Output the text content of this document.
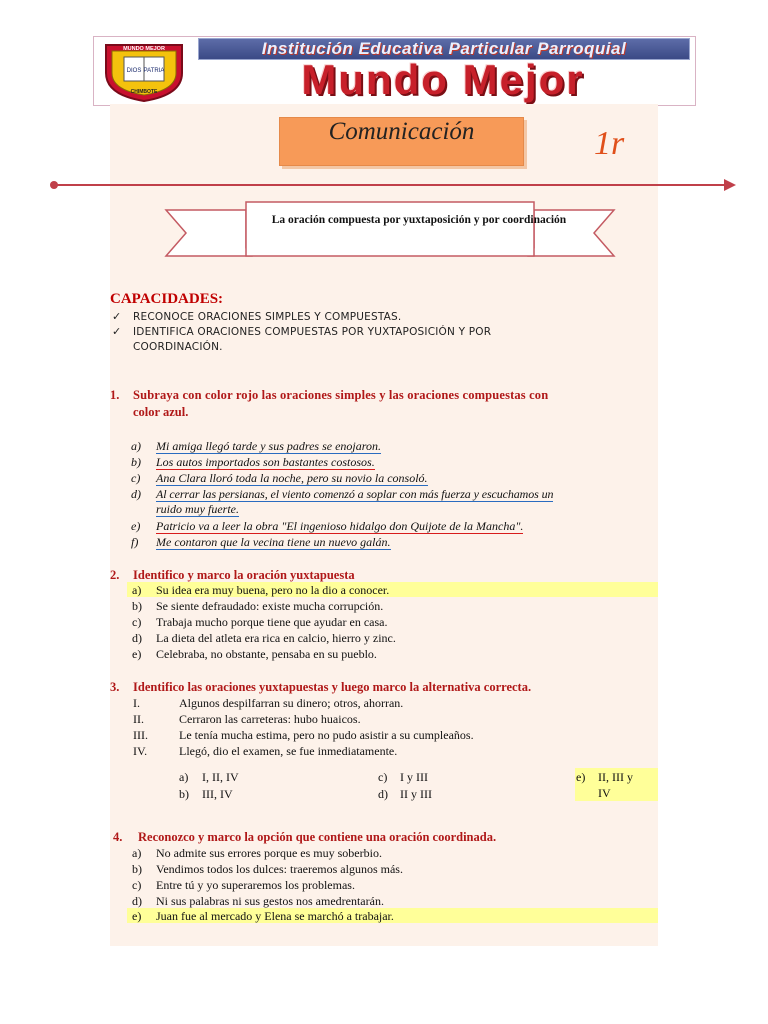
DIOS PATRIA
MUNDO MEJOR
CHIMBOTE
Institución Educativa Particular Parroquial
Mundo Mejor
Comunicación	1r
La oración compuesta por yuxtaposición y por coordinación
CAPACIDADES:
✓ RECONOCE ORACIONES SIMPLES Y COMPUESTAS.
✓ IDENTIFICA ORACIONES COMPUESTAS POR YUXTAPOSICIÓN Y POR
COORDINACIÓN.
1. Subraya con color rojo las oraciones simples y las oraciones compuestas con
color azul.
a) Mi amiga llegó tarde y sus padres se enojaron.
b) Los autos importados son bastantes costosos.
c) Ana Clara lloró toda la noche, pero su novio la consoló.
d) Al cerrar las persianas, el viento comenzó a soplar con más fuerza y escuchamos un
ruido muy fuerte.
e) Patricio va a leer la obra "El ingenioso hidalgo don Quijote de la Mancha".
f) Me contaron que la vecina tiene un nuevo galán.
2. Identifico y marco la oración yuxtapuesta
a) Su idea era muy buena, pero no la dio a conocer.
b) Se siente defraudado: existe mucha corrupción.
c) Trabaja mucho porque tiene que ayudar en casa.
d) La dieta del atleta era rica en calcio, hierro y zinc.
e) Celebraba, no obstante, pensaba en su pueblo.
3. Identifico las oraciones yuxtapuestas y luego marco la alternativa correcta.
I.	Algunos despilfarran su dinero; otros, ahorran.
II.	Cerraron las carreteras: hubo huaicos.
III.	Le tenía mucha estima, pero no pudo asistir a su cumpleaños.
IV.	Llegó, dio el examen, se fue inmediatamente.
a) I, II, IV
b) III, IV
c) I y III
d) II y III
e) II, III y
IV
4. Reconozco y marco la opción que contiene una oración coordinada.
a) No admite sus errores porque es muy soberbio.
b) Vendimos todos los dulces: traeremos algunos más.
c) Entre tú y yo superaremos los problemas.
d) Ni sus palabras ni sus gestos nos amedrentarán.
e) Juan fue al mercado y Elena se marchó a trabajar.
